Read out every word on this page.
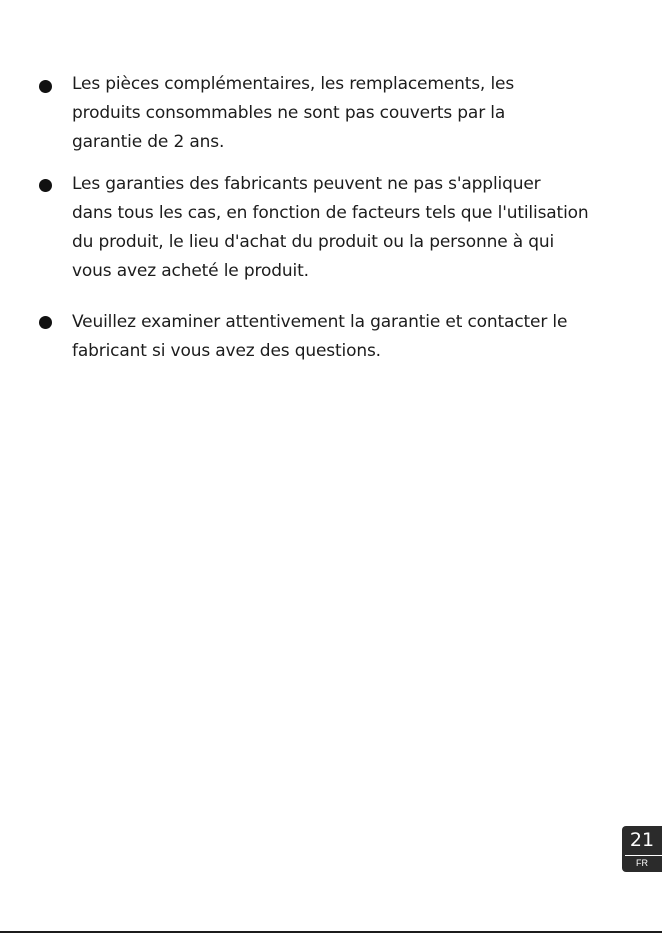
Les pièces complémentaires, les remplacements, les
produits consommables ne sont pas couverts par la
garantie de 2 ans.
Les garanties des fabricants peuvent ne pas s'appliquer
dans tous les cas, en fonction de facteurs tels que l'utilisation
du produit, le lieu d'achat du produit ou la personne à qui
vous avez acheté le produit.
Veuillez examiner attentivement la garantie et contacter le
fabricant si vous avez des questions.
21
FR
